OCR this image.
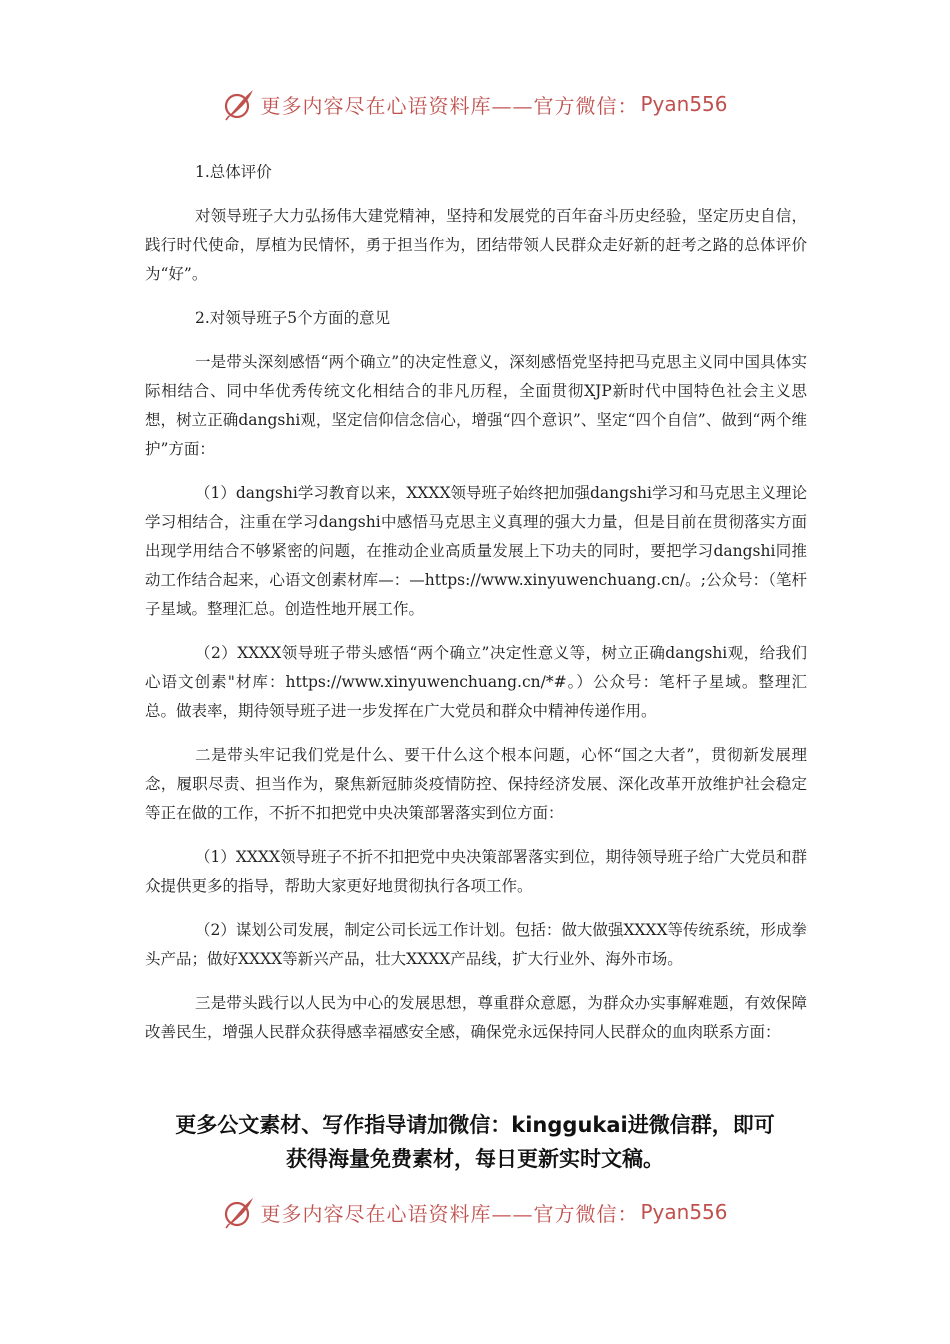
更多内容尽在心语资料库——官方微信： Pyan556

1.总体评价

对领导班子大力弘扬伟大建党精神，坚持和发展党的百年奋斗历史经验，坚定历史自信，践行时代使命，厚植为民情怀，勇于担当作为，团结带领人民群众走好新的赶考之路的总体评价为“好”。

2.对领导班子5个方面的意见

一是带头深刻感悟“两个确立”的决定性意义，深刻感悟党坚持把马克思主义同中国具体实际相结合、同中华优秀传统文化相结合的非凡历程，全面贯彻XJP新时代中国特色社会主义思想，树立正确dangshi观，坚定信仰信念信心，增强“四个意识”、坚定“四个自信”、做到“两个维护”方面：

（1）dangshi学习教育以来，XXXX领导班子始终把加强dangshi学习和马克思主义理论学习相结合，注重在学习dangshi中感悟马克思主义真理的强大力量，但是目前在贯彻落实方面出现学用结合不够紧密的问题，在推动企业高质量发展上下功夫的同时，要把学习dangshi同推动工作结合起来，心语文创素材库—：—https://www.xinyuwenchuang.cn/。;公众号：（笔杆子星域。整理汇总。创造性地开展工作。

（2）XXXX领导班子带头感悟“两个确立”决定性意义等，树立正确dangshi观，给我们心语文创素"材库：https://www.xinyuwenchuang.cn/*#。）公众号：笔杆子星域。整理汇总。做表率，期待领导班子进一步发挥在广大党员和群众中精神传递作用。

二是带头牢记我们党是什么、要干什么这个根本问题，心怀“国之大者”，贯彻新发展理念，履职尽责、担当作为，聚焦新冠肺炎疫情防控、保持经济发展、深化改革开放维护社会稳定等正在做的工作，不折不扣把党中央决策部署落实到位方面：

（1）XXXX领导班子不折不扣把党中央决策部署落实到位，期待领导班子给广大党员和群众提供更多的指导，帮助大家更好地贯彻执行各项工作。

（2）谋划公司发展，制定公司长远工作计划。包括：做大做强XXXX等传统系统，形成拳头产品；做好XXXX等新兴产品，壮大XXXX产品线，扩大行业外、海外市场。

三是带头践行以人民为中心的发展思想，尊重群众意愿，为群众办实事解难题，有效保障改善民生，增强人民群众获得感幸福感安全感，确保党永远保持同人民群众的血肉联系方面：

更多公文素材、写作指导请加微信：kinggukai进微信群，即可
获得海量免费素材，每日更新实时文稿。
更多内容尽在心语资料库——官方微信： Pyan556
